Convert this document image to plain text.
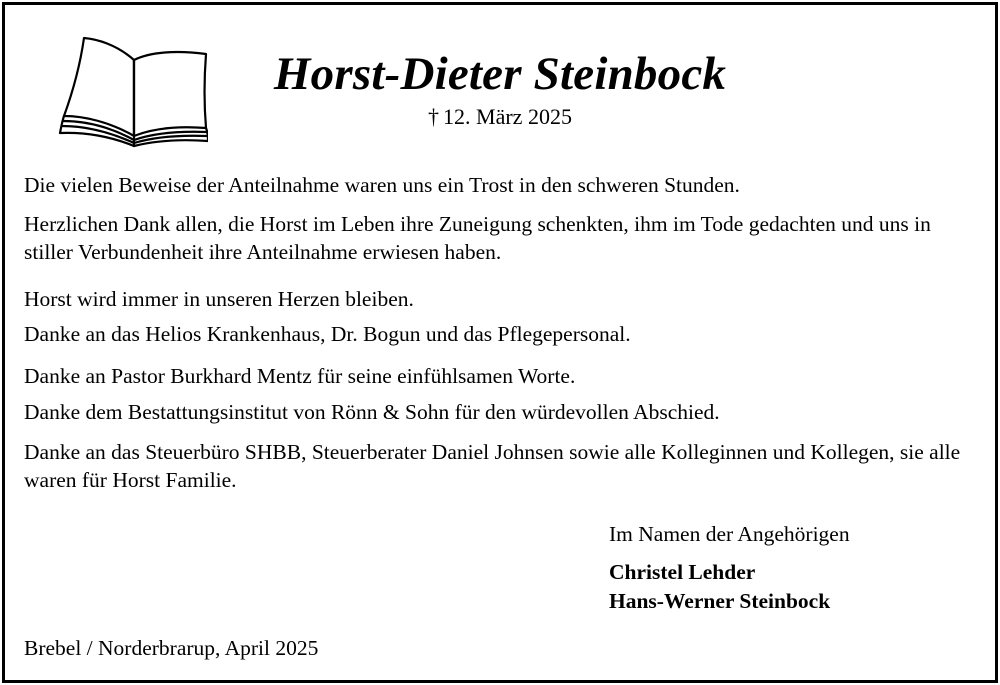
Horst-Dieter Steinbock
† 12. März 2025

Die vielen Beweise der Anteilnahme waren uns ein Trost in den schweren Stunden.

Herzlichen Dank allen, die Horst im Leben ihre Zuneigung schenkten, ihm im Tode gedachten und uns in stiller Verbundenheit ihre Anteilnahme erwiesen haben.

Horst wird immer in unseren Herzen bleiben.

Danke an das Helios Krankenhaus, Dr. Bogun und das Pflegepersonal.

Danke an Pastor Burkhard Mentz für seine einfühlsamen Worte.

Danke dem Bestattungsinstitut von Rönn & Sohn für den würdevollen Abschied.

Danke an das Steuerbüro SHBB, Steuerberater Daniel Johnsen sowie alle Kolleginnen und Kollegen, sie alle waren für Horst Familie.

Im Namen der Angehörigen
Christel Lehder
Hans-Werner Steinbock
Brebel / Norderbrarup, April 2025
